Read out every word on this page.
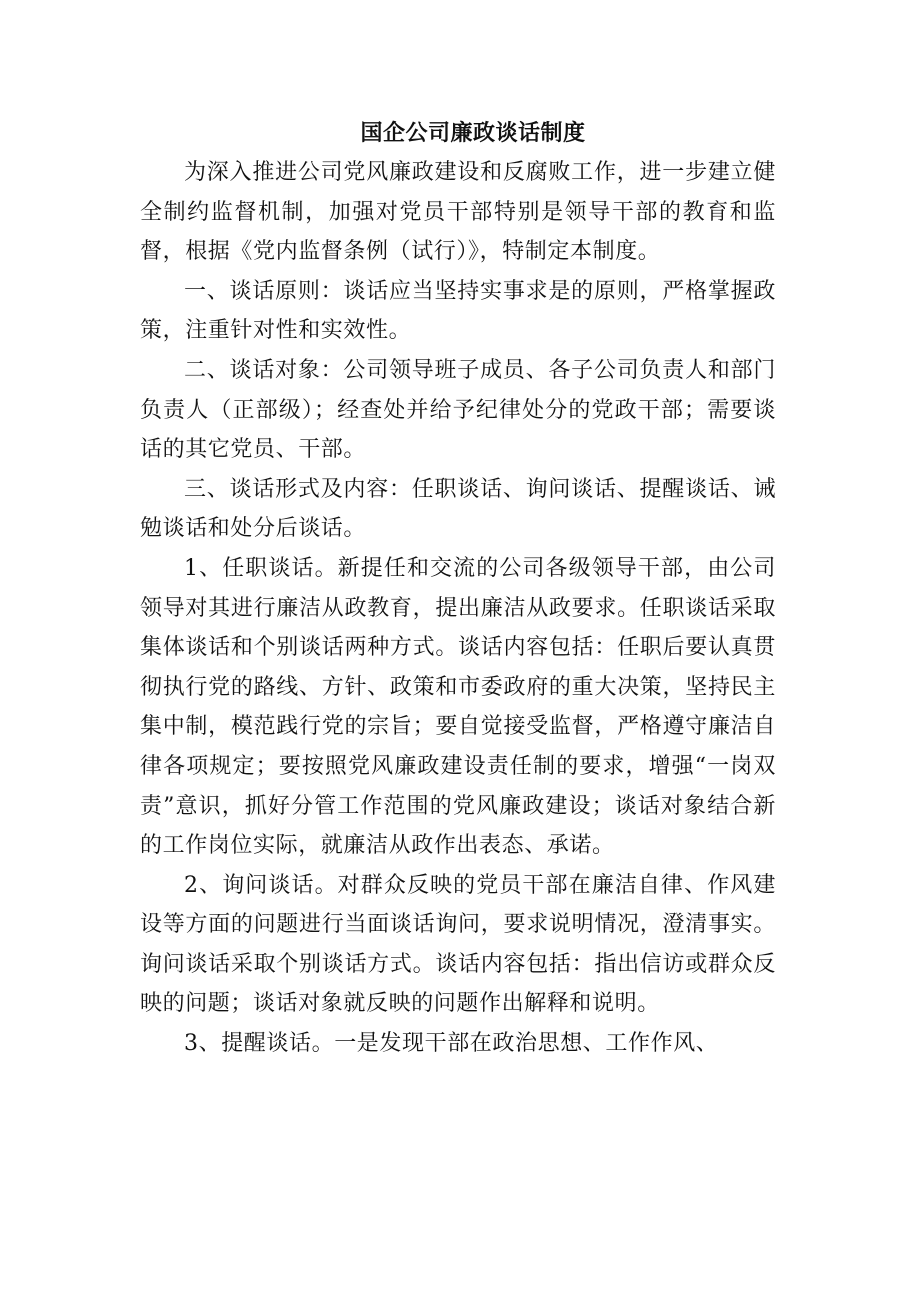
国企公司廉政谈话制度

为深入推进公司党风廉政建设和反腐败工作，进一步建立健全制约监督机制，加强对党员干部特别是领导干部的教育和监督，根据《党内监督条例（试行）》，特制定本制度。

一、谈话原则：谈话应当坚持实事求是的原则，严格掌握政策，注重针对性和实效性。

二、谈话对象：公司领导班子成员、各子公司负责人和部门负责人（正部级）；经查处并给予纪律处分的党政干部；需要谈话的其它党员、干部。

三、谈话形式及内容：任职谈话、询问谈话、提醒谈话、诫勉谈话和处分后谈话。

1、任职谈话。新提任和交流的公司各级领导干部，由公司领导对其进行廉洁从政教育，提出廉洁从政要求。任职谈话采取集体谈话和个别谈话两种方式。谈话内容包括：任职后要认真贯彻执行党的路线、方针、政策和市委政府的重大决策，坚持民主集中制，模范践行党的宗旨；要自觉接受监督，严格遵守廉洁自律各项规定；要按照党风廉政建设责任制的要求，增强“一岗双责”意识，抓好分管工作范围的党风廉政建设；谈话对象结合新的工作岗位实际，就廉洁从政作出表态、承诺。

2、询问谈话。对群众反映的党员干部在廉洁自律、作风建设等方面的问题进行当面谈话询问，要求说明情况，澄清事实。询问谈话采取个别谈话方式。谈话内容包括：指出信访或群众反映的问题；谈话对象就反映的问题作出解释和说明。

3、提醒谈话。一是发现干部在政治思想、工作作风、
